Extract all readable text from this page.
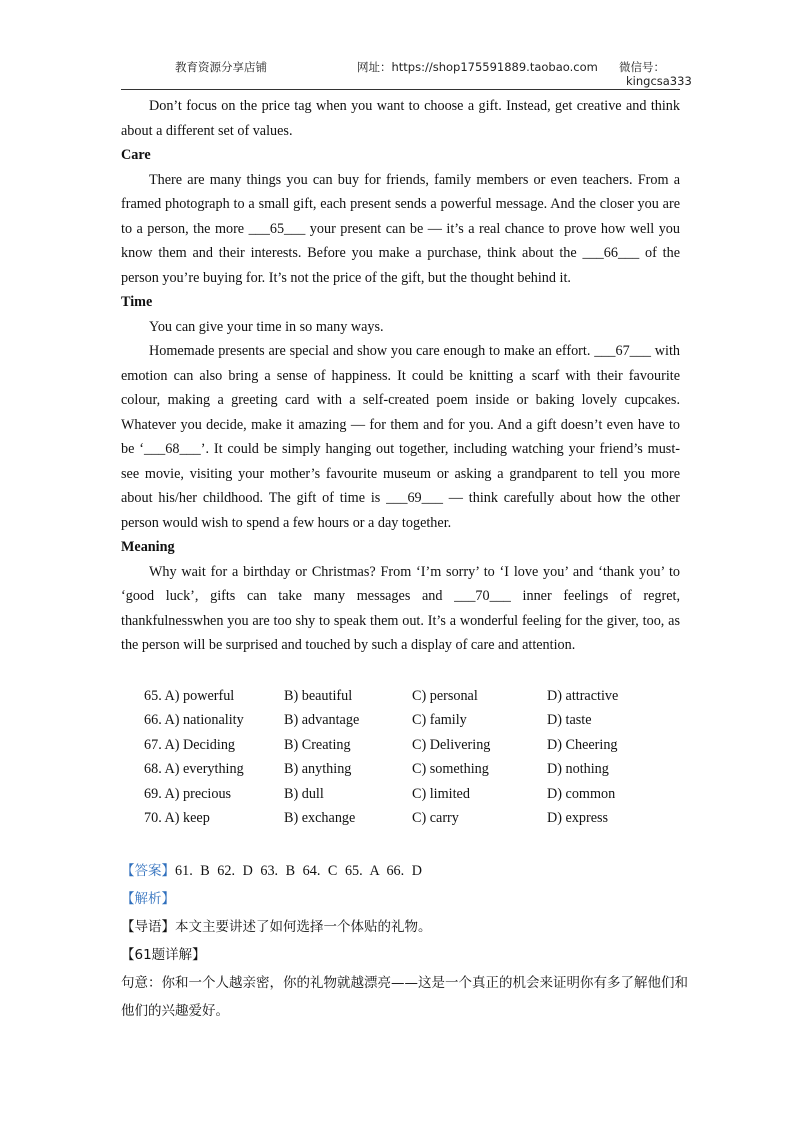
教育资源分享店铺	网址：https://shop175591889.taobao.com 微信号：
kingcsa333

Don’t focus on the price tag when you want to choose a gift. Instead, get creative and think about a different set of values.

Care

There are many things you can buy for friends, family members or even teachers. From a framed photograph to a small gift, each present sends a powerful message. And the closer you are to a person, the more ___65___ your present can be — it’s a real chance to prove how well you know them and their interests. Before you make a purchase, think about the ___66___ of the person you’re buying for. It’s not the price of the gift, but the thought behind it.

Time

You can give your time in so many ways.

Homemade presents are special and show you care enough to make an effort. ___67___ with emotion can also bring a sense of happiness. It could be knitting a scarf with their favourite colour, making a greeting card with a self-created poem inside or baking lovely cupcakes. Whatever you decide, make it amazing — for them and for you. And a gift doesn’t even have to be ‘___68___’. It could be simply hanging out together, including watching your friend’s must-see movie, visiting your mother’s favourite museum or asking a grandparent to tell you more about his/her childhood. The gift of time is ___69___ — think carefully about how the other person would wish to spend a few hours or a day together.

Meaning

Why wait for a birthday or Christmas? From ‘I’m sorry’ to ‘I love you’ and ‘thank you’ to ‘good luck’, gifts can take many messages and ___70___ inner feelings of regret, thankfulnesswhen you are too shy to speak them out. It’s a wonderful feeling for the giver, too, as the person will be surprised and touched by such a display of care and attention.

65. A) powerful	B) beautiful	C) personal	D) attractive
66. A) nationality	B) advantage	C) family	D) taste
67. A) Deciding	B) Creating	C) Delivering	D) Cheering
68. A) everything	B) anything	C) something	D) nothing
69. A) precious	B) dull	C) limited	D) common
70. A) keep	B) exchange	C) carry	D) express
【答案】61. B 62. D 63. B 64. C 65. A 66. D
【解析】
【导语】本文主要讲述了如何选择一个体贴的礼物。
【61题详解】

句意：你和一个人越亲密，你的礼物就越漂亮——这是一个真正的机会来证明你有多了解他们和他们的兴趣爱好。
